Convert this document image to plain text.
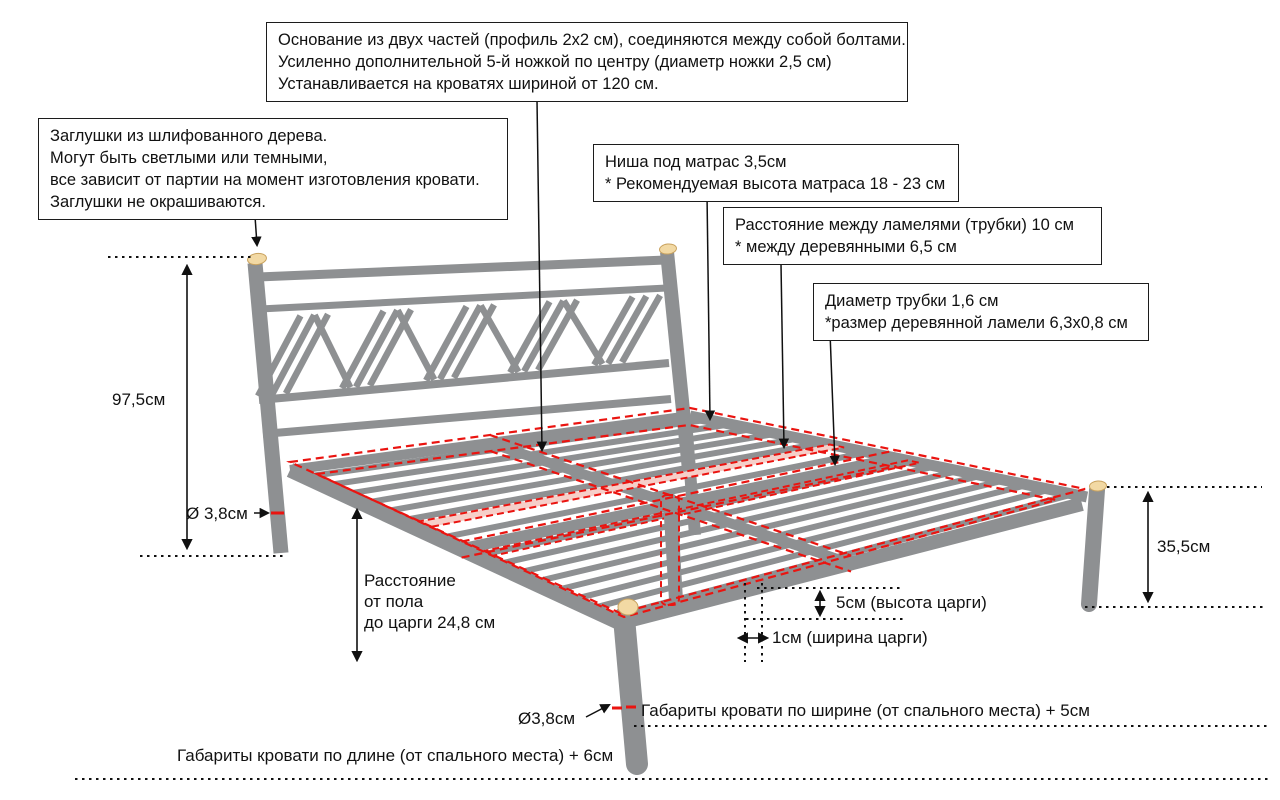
Основание из двух частей (профиль 2х2 см), соединяются между собой болтами.
Усиленно дополнительной 5-й ножкой по центру (диаметр ножки 2,5 см)
Устанавливается на кроватях шириной от 120 см.
Заглушки из шлифованного дерева.
Могут быть светлыми или темными,
все зависит от партии на момент изготовления кровати.
Заглушки не окрашиваются.
Ниша под матрас 3,5см
* Рекомендуемая высота матраса 18 - 23 см
Расстояние между ламелями (трубки) 10 см
* между деревянными 6,5 см
Диаметр трубки 1,6 см
*размер деревянной ламели 6,3х0,8 см
97,5см
Ø 3,8см
Расстояние
от пола
до царги 24,8 см
35,5см
5см (высота царги)
1см (ширина царги)
Ø3,8см	Габариты кровати по ширине (от спального места) + 5см
Габариты кровати по длине (от спального места) + 6см
